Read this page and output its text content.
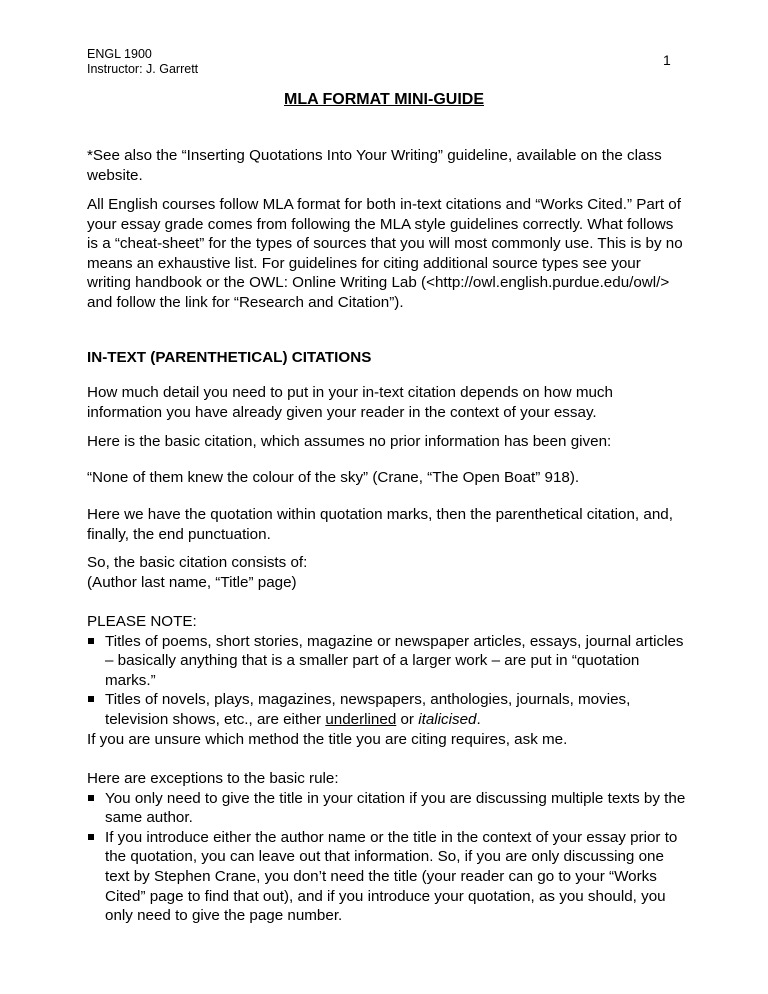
ENGL 1900
Instructor: J. Garrett
1
MLA FORMAT MINI-GUIDE

*See also the “Inserting Quotations Into Your Writing” guideline, available on the class website.

All English courses follow MLA format for both in-text citations and “Works Cited.” Part of your essay grade comes from following the MLA style guidelines correctly. What follows is a “cheat-sheet” for the types of sources that you will most commonly use. This is by no means an exhaustive list. For guidelines for citing additional source types see your writing handbook or the OWL: Online Writing Lab (<http://owl.english.purdue.edu/owl/> and follow the link for “Research and Citation”).

IN-TEXT (PARENTHETICAL) CITATIONS

How much detail you need to put in your in-text citation depends on how much information you have already given your reader in the context of your essay.

Here is the basic citation, which assumes no prior information has been given:

“None of them knew the colour of the sky” (Crane, “The Open Boat” 918).

Here we have the quotation within quotation marks, then the parenthetical citation, and, finally, the end punctuation.

So, the basic citation consists of:

(Author last name, “Title” page)

PLEASE NOTE:

Titles of poems, short stories, magazine or newspaper articles, essays, journal articles – basically anything that is a smaller part of a larger work – are put in “quotation marks.”
Titles of novels, plays, magazines, newspapers, anthologies, journals, movies, television shows, etc., are either underlined or italicised.

If you are unsure which method the title you are citing requires, ask me.

Here are exceptions to the basic rule:

You only need to give the title in your citation if you are discussing multiple texts by the same author.
If you introduce either the author name or the title in the context of your essay prior to the quotation, you can leave out that information. So, if you are only discussing one text by Stephen Crane, you don’t need the title (your reader can go to your “Works Cited” page to find that out), and if you introduce your quotation, as you should, you only need to give the page number.
